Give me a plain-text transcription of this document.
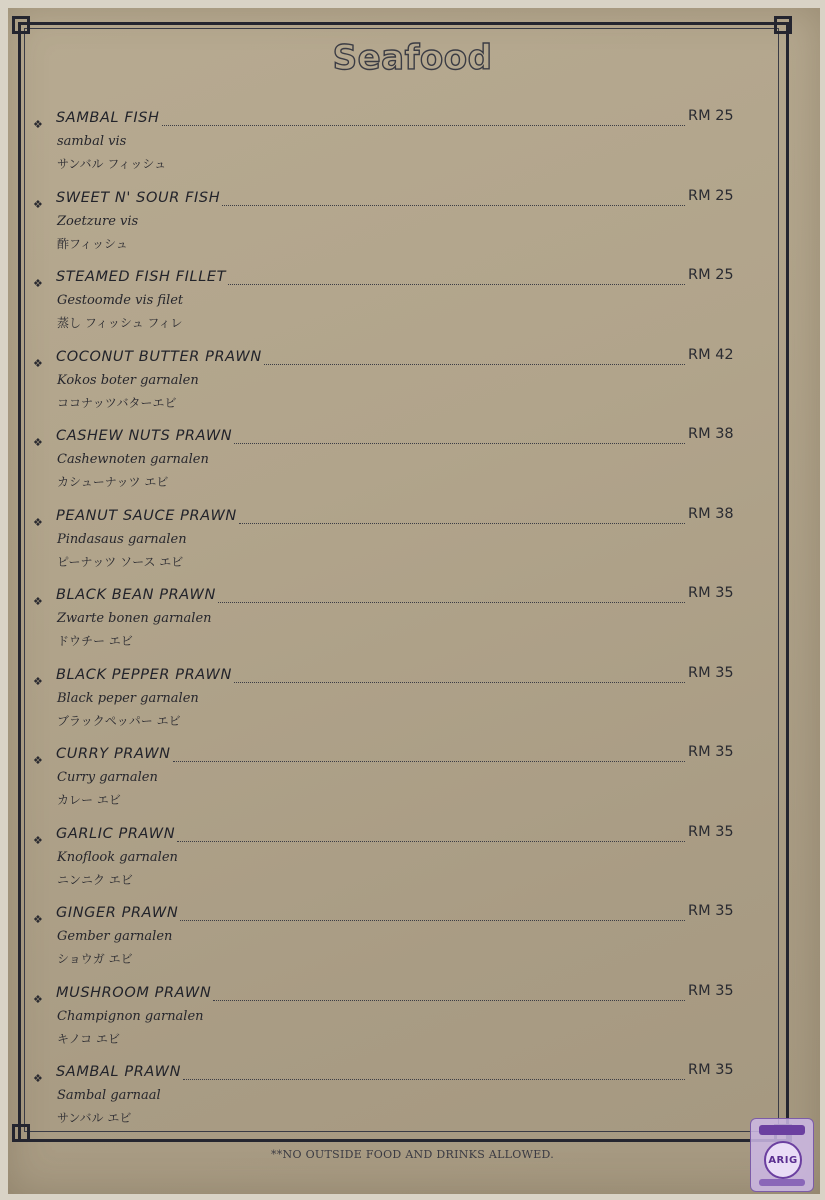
Seafood
❖ SAMBAL FISH	RM 25
sambal vis
サンバル フィッシュ
❖ SWEET N' SOUR FISH	RM 25
Zoetzure vis
酢フィッシュ
❖ STEAMED FISH FILLET	RM 25
Gestoomde vis filet
蒸し フィッシュ フィレ
❖ COCONUT BUTTER PRAWN	RM 42
Kokos boter garnalen
ココナッツバターエビ
❖ CASHEW NUTS PRAWN	RM 38
Cashewnoten garnalen
カシューナッツ エビ
❖ PEANUT SAUCE PRAWN	RM 38
Pindasaus garnalen
ピーナッツ ソース エビ
❖ BLACK BEAN PRAWN	RM 35
Zwarte bonen garnalen
ドウチー エビ
❖ BLACK PEPPER PRAWN	RM 35
Black peper garnalen
ブラックペッパー エビ
❖ CURRY PRAWN	RM 35
Curry garnalen
カレー エビ
❖ GARLIC PRAWN	RM 35
Knoflook garnalen
ニンニク エビ
❖ GINGER PRAWN	RM 35
Gember garnalen
ショウガ エビ
❖ MUSHROOM PRAWN	RM 35
Champignon garnalen
キノコ エビ
❖ SAMBAL PRAWN	RM 35
Sambal garnaal
サンバル エビ
**NO OUTSIDE FOOD AND DRINKS ALLOWED.	ARIG
